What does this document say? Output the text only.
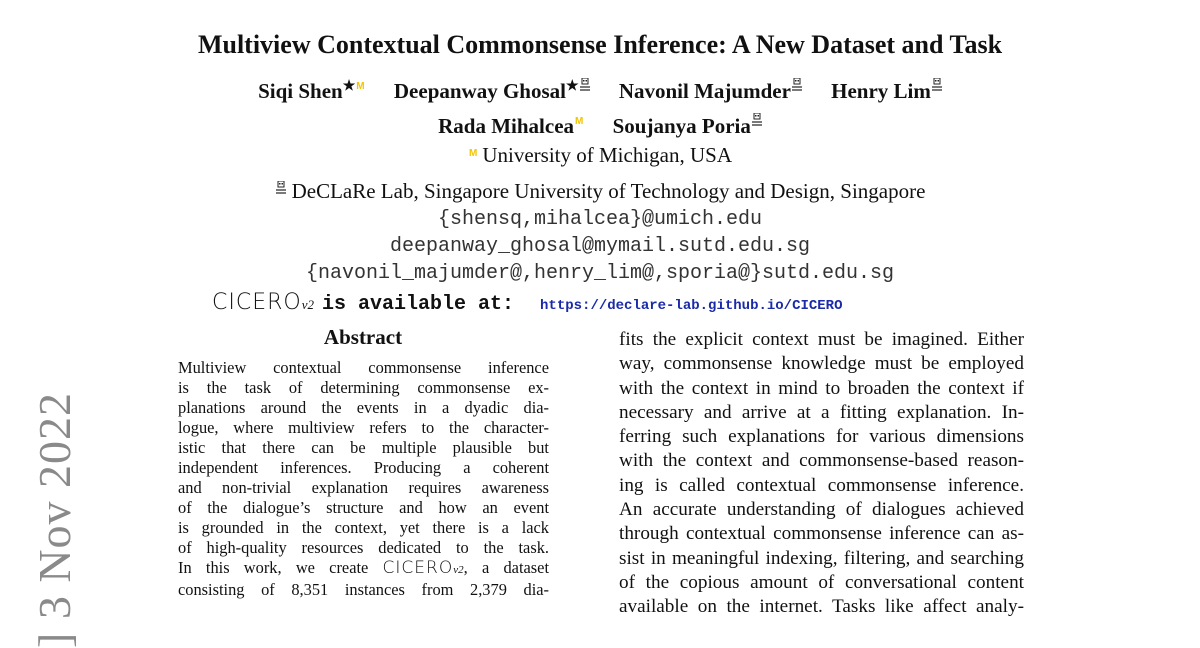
] 3 Nov 2022
Multiview Contextual Commonsense Inference: A New Dataset and Task
Siqi Shen★M Deepanway Ghosal★ Navonil Majumder Henry Lim
Rada MihalceaM Soujanya Poria
M University of Michigan, USA
DeCLaRe Lab, Singapore University of Technology and Design, Singapore
{shensq,mihalcea}@umich.edu
deepanway_ghosal@mymail.sutd.edu.sg
{navonil_majumder@,henry_lim@,sporia@}sutd.edu.sg
CICEROv2 is available at: https://declare-lab.github.io/CICERO
Abstract
Multiview contextual commonsense inference
is the task of determining commonsense ex-
planations around the events in a dyadic dia-
logue, where multiview refers to the character-
istic that there can be multiple plausible but
independent inferences. Producing a coherent
and non-trivial explanation requires awareness
of the dialogue’s structure and how an event
is grounded in the context, yet there is a lack
of high-quality resources dedicated to the task.
In this work, we create CICEROv2, a dataset
consisting of 8,351 instances from 2,379 dia-
fits the explicit context must be imagined. Either
way, commonsense knowledge must be employed
with the context in mind to broaden the context if
necessary and arrive at a fitting explanation. In-
ferring such explanations for various dimensions
with the context and commonsense-based reason-
ing is called contextual commonsense inference.
An accurate understanding of dialogues achieved
through contextual commonsense inference can as-
sist in meaningful indexing, filtering, and searching
of the copious amount of conversational content
available on the internet. Tasks like affect analy-
